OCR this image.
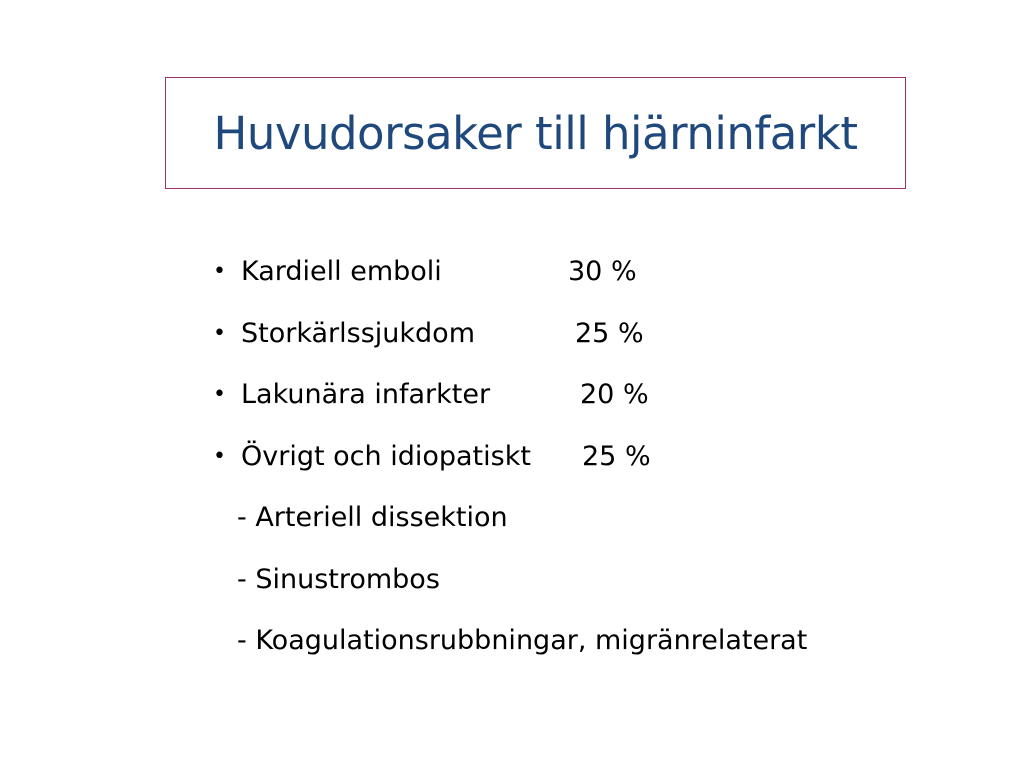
Huvudorsaker till hjärninfarkt
• Kardiell emboli	30 %
• Storkärlssjukdom	25 %
• Lakunära infarkter	20 %
• Övrigt och idiopatiskt 25 %
- Arteriell dissektion
- Sinustrombos
- Koagulationsrubbningar, migränrelaterat
